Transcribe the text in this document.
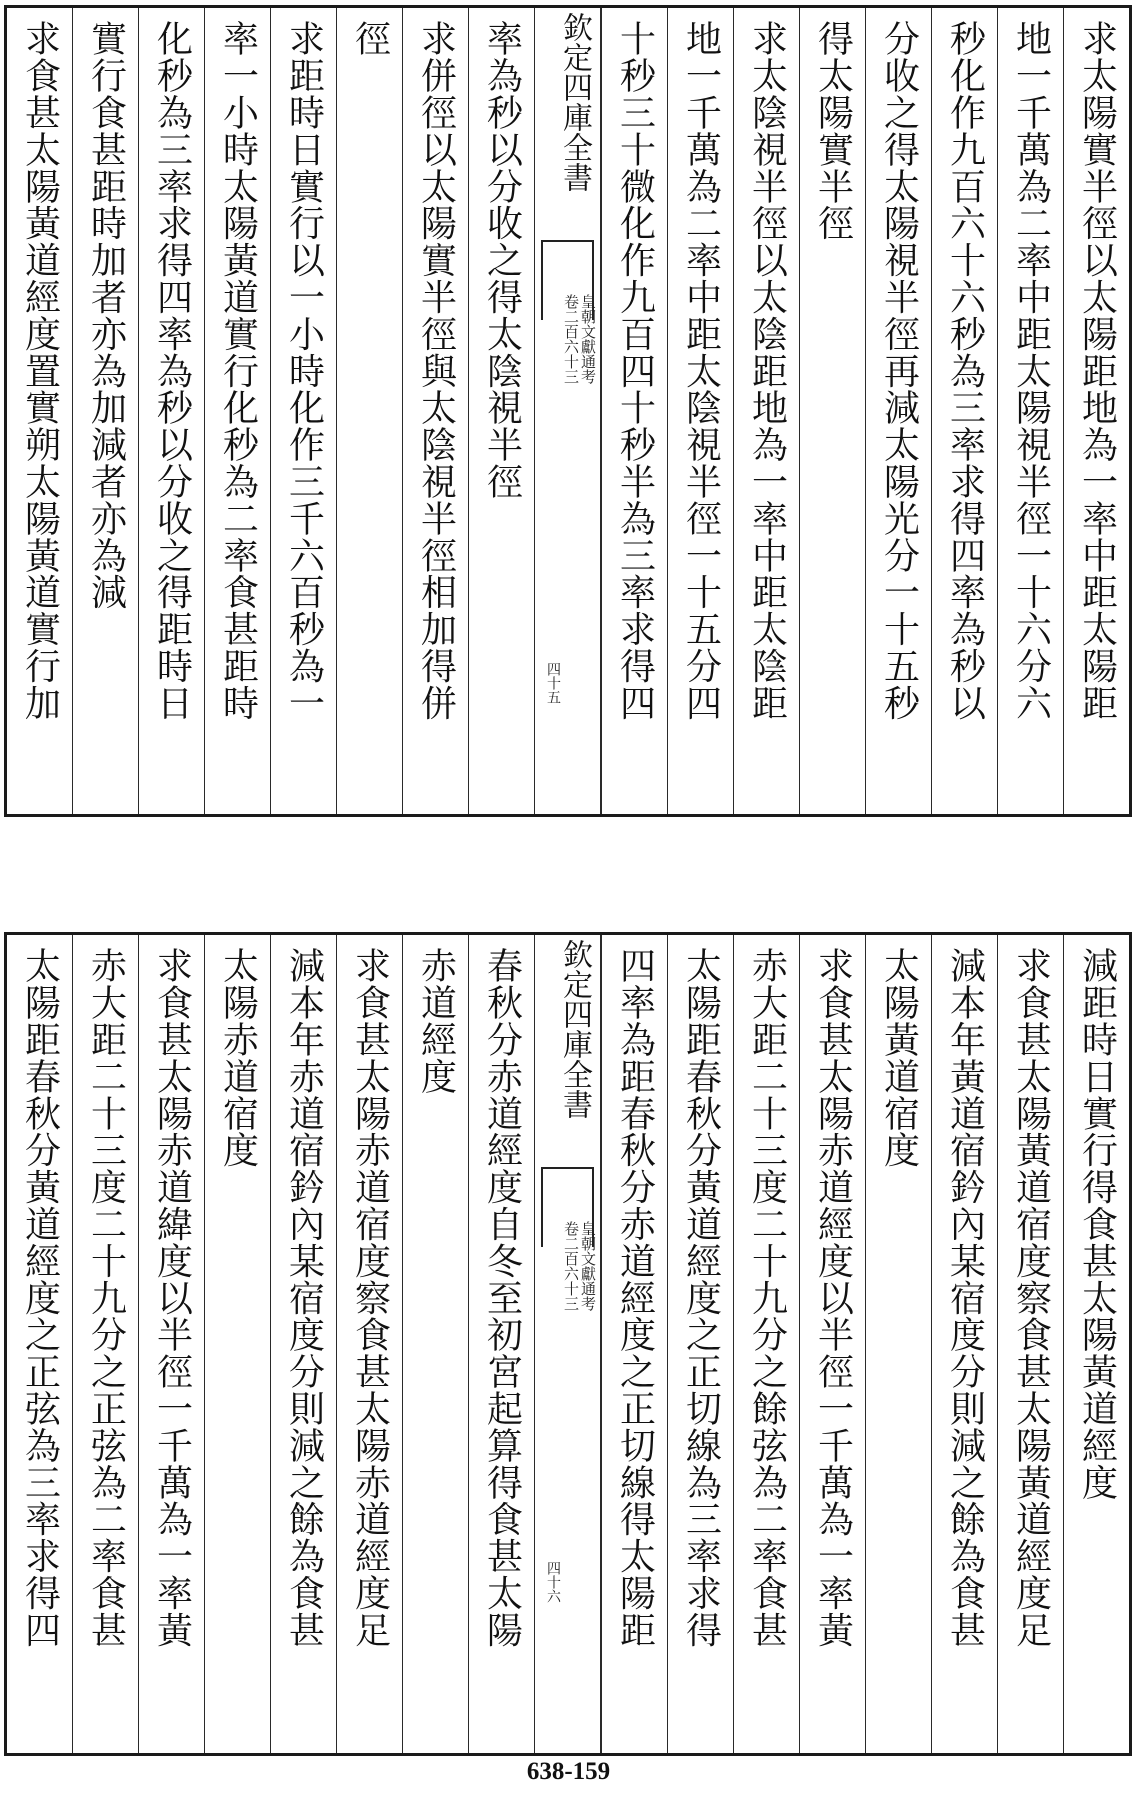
求太陽實半徑以太陽距地為一率中距太陽距
地一千萬為二率中距太陽視半徑一十六分六
秒化作九百六十六秒為三率求得四率為秒以
分收之得太陽視半徑再減太陽光分一十五秒
得太陽實半徑
求太陰視半徑以太陰距地為一率中距太陰距
地一千萬為二率中距太陰視半徑一十五分四
十秒三十微化作九百四十秒半為三率求得四
欽定四庫全書
皇朝文獻通考
卷二百六十三
四十五
率為秒以分收之得太陰視半徑
求併徑以太陽實半徑與太陰視半徑相加得併
徑
求距時日實行以一小時化作三千六百秒為一
率一小時太陽黃道實行化秒為二率食甚距時
化秒為三率求得四率為秒以分收之得距時日
實行食甚距時加者亦為加減者亦為減
求食甚太陽黃道經度置實朔太陽黃道實行加
減距時日實行得食甚太陽黃道經度
求食甚太陽黃道宿度察食甚太陽黃道經度足
減本年黃道宿鈐內某宿度分則減之餘為食甚
太陽黃道宿度
求食甚太陽赤道經度以半徑一千萬為一率黃
赤大距二十三度二十九分之餘弦為二率食甚
太陽距春秋分黃道經度之正切線為三率求得
四率為距春秋分赤道經度之正切線得太陽距
欽定四庫全書
皇朝文獻通考
卷二百六十三
四十六
春秋分赤道經度自冬至初宮起算得食甚太陽
赤道經度
求食甚太陽赤道宿度察食甚太陽赤道經度足
減本年赤道宿鈐內某宿度分則減之餘為食甚
太陽赤道宿度
求食甚太陽赤道緯度以半徑一千萬為一率黃
赤大距二十三度二十九分之正弦為二率食甚
太陽距春秋分黃道經度之正弦為三率求得四
638-159
